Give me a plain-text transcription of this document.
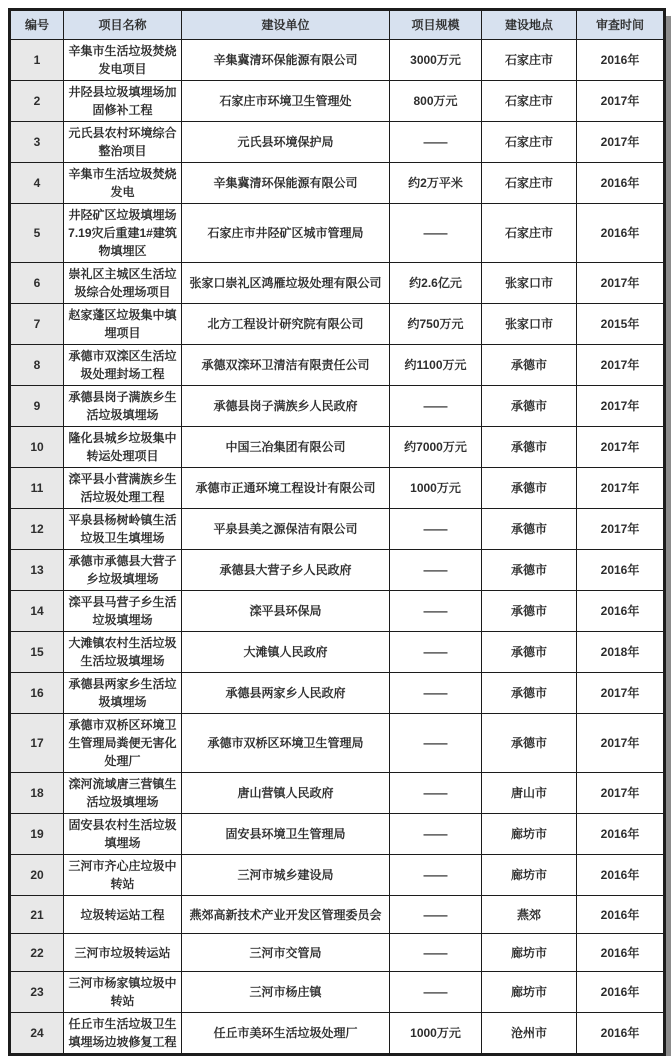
编号	项目名称	建设单位	项目规模	建设地点	审查时间
1	辛集市生活垃圾焚烧发电项目	辛集冀清环保能源有限公司	3000万元	石家庄市	2016年
2	井陉县垃圾填埋场加固修补工程	石家庄市环境卫生管理处	800万元	石家庄市	2017年
3	元氏县农村环境综合整治项目	元氏县环境保护局	——	石家庄市	2017年
4	辛集市生活垃圾焚烧发电	辛集冀清环保能源有限公司	约2万平米	石家庄市	2016年
5	井陉矿区垃圾填埋场7.19灾后重建1#建筑物填埋区	石家庄市井陉矿区城市管理局	——	石家庄市	2016年
6	崇礼区主城区生活垃圾综合处理场项目	张家口崇礼区鸿雁垃圾处理有限公司	约2.6亿元	张家口市	2017年
7	赵家蓬区垃圾集中填埋项目	北方工程设计研究院有限公司	约750万元	张家口市	2015年
8	承德市双滦区生活垃圾处理封场工程	承德双滦环卫清洁有限责任公司	约1100万元	承德市	2017年
9	承德县岗子满族乡生活垃圾填埋场	承德县岗子满族乡人民政府	——	承德市	2017年
10	隆化县城乡垃圾集中转运处理项目	中国三冶集团有限公司	约7000万元	承德市	2017年
11	滦平县小营满族乡生活垃圾处理工程	承德市正通环境工程设计有限公司	1000万元	承德市	2017年
12	平泉县杨树岭镇生活垃圾卫生填埋场	平泉县美之源保洁有限公司	——	承德市	2017年
13	承德市承德县大营子乡垃圾填埋场	承德县大营子乡人民政府	——	承德市	2016年
14	滦平县马营子乡生活垃圾填埋场	滦平县环保局	——	承德市	2016年
15	大滩镇农村生活垃圾生活垃圾填埋场	大滩镇人民政府	——	承德市	2018年
16	承德县两家乡生活垃圾填埋场	承德县两家乡人民政府	——	承德市	2017年
17	承德市双桥区环境卫生管理局粪便无害化处理厂	承德市双桥区环境卫生管理局	——	承德市	2017年
18	滦河流域唐三营镇生活垃圾填埋场	唐山营镇人民政府	——	唐山市	2017年
19	固安县农村生活垃圾填埋场	固安县环境卫生管理局	——	廊坊市	2016年
20	三河市齐心庄垃圾中转站	三河市城乡建设局	——	廊坊市	2016年
21	垃圾转运站工程	燕郊高新技术产业开发区管理委员会	——	燕郊	2016年
22	三河市垃圾转运站	三河市交管局	——	廊坊市	2016年
23	三河市杨家镇垃圾中转站	三河市杨庄镇	——	廊坊市	2016年
24	任丘市生活垃圾卫生填埋场边坡修复工程	任丘市美环生活垃圾处理厂	1000万元	沧州市	2016年
